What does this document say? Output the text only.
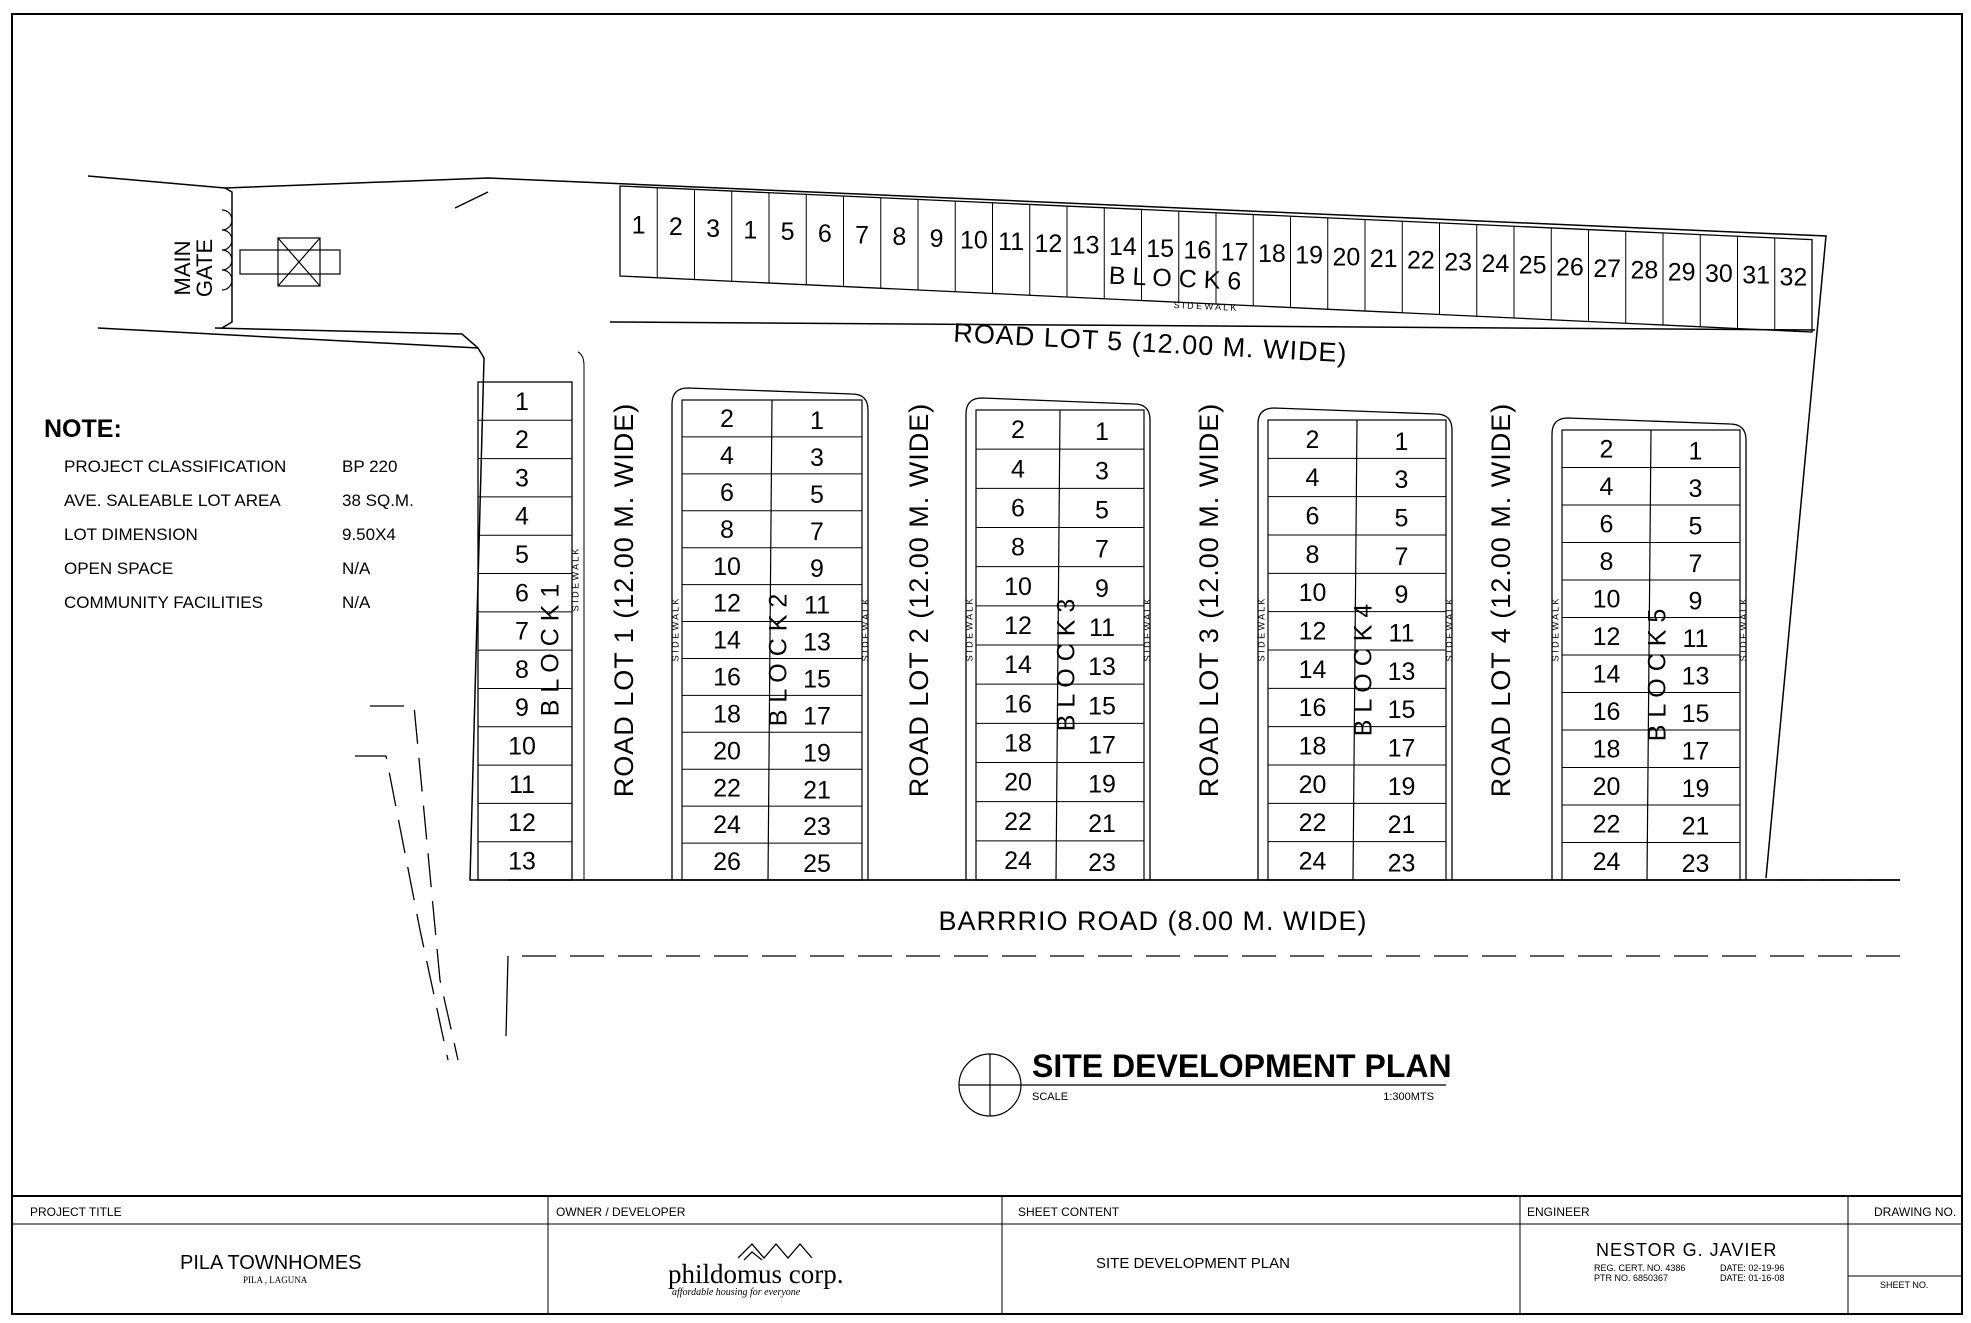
MAIN
GATE
NOTE:
PROJECT CLASSIFICATION	BP 220
AVE. SALEABLE LOT AREA	38 SQ.M.
LOT DIMENSION	9.50X4
OPEN SPACE	N/A
COMMUNITY FACILITIES	N/A
ROAD LOT 5 (12.00 M. WIDE)
BARRRIO ROAD (8.00 M. WIDE)
ROAD LOT 1 (12.00 M. WIDE)	ROAD LOT 2 (12.00 M. WIDE)	ROAD LOT 3 (12.00 M. WIDE)	ROAD LOT 4 (12.00 M. WIDE)
1
2
3
4
5
6
7
8
9
10
11
12
13
B L O C K 1
S I D E W A L K
2	1
4	3
6	5
8	7
10	9
12	11
14 13
16 15
18 17
20 19
22 21
24 23
26 25
B L O C K 2
S I D E W A L K	S I D E W A L K
2	1
4	3
6	5
8	7
10	9
12 11
14 13
16 15
18 17
20 19
22 21
24 23
B L O C K 3
S I D E W A L K	S I D E W A L K
2	1
4	3
6	5
8	7
10	9
12 11
14 13
16 15
18 17
20 19
22 21
24 23
B L O C K 4
S I D E W A L K	S I D E W A L K
2	1
4	3
6	5
8	7
10	9
12 11
14 13
16 15
18 17
20 19
22 21
24 23
B L O C K 5
S I D E W A L K	S I D E W A L K
1 2 3 1 5 6 7 8 9 10 11 12 13 14 15 16 17 18 19 20 21 22 23 24 25 26 27 28 29 30 31 32
B L O C K 6
S I D E W A L K
SITE DEVELOPMENT PLAN
SCALE	1:300MTS
PROJECT TITLE
PILA TOWNHOMES
PILA , LAGUNA
OWNER / DEVELOPER
phildomus corp.
affordable housing for everyone
SHEET CONTENT
SITE DEVELOPMENT PLAN
ENGINEER
NESTOR G. JAVIER
REG. CERT. NO. 4386
PTR NO. 6850367
DATE: 02-19-96
DATE: 01-16-08
DRAWING NO.
SHEET NO.
